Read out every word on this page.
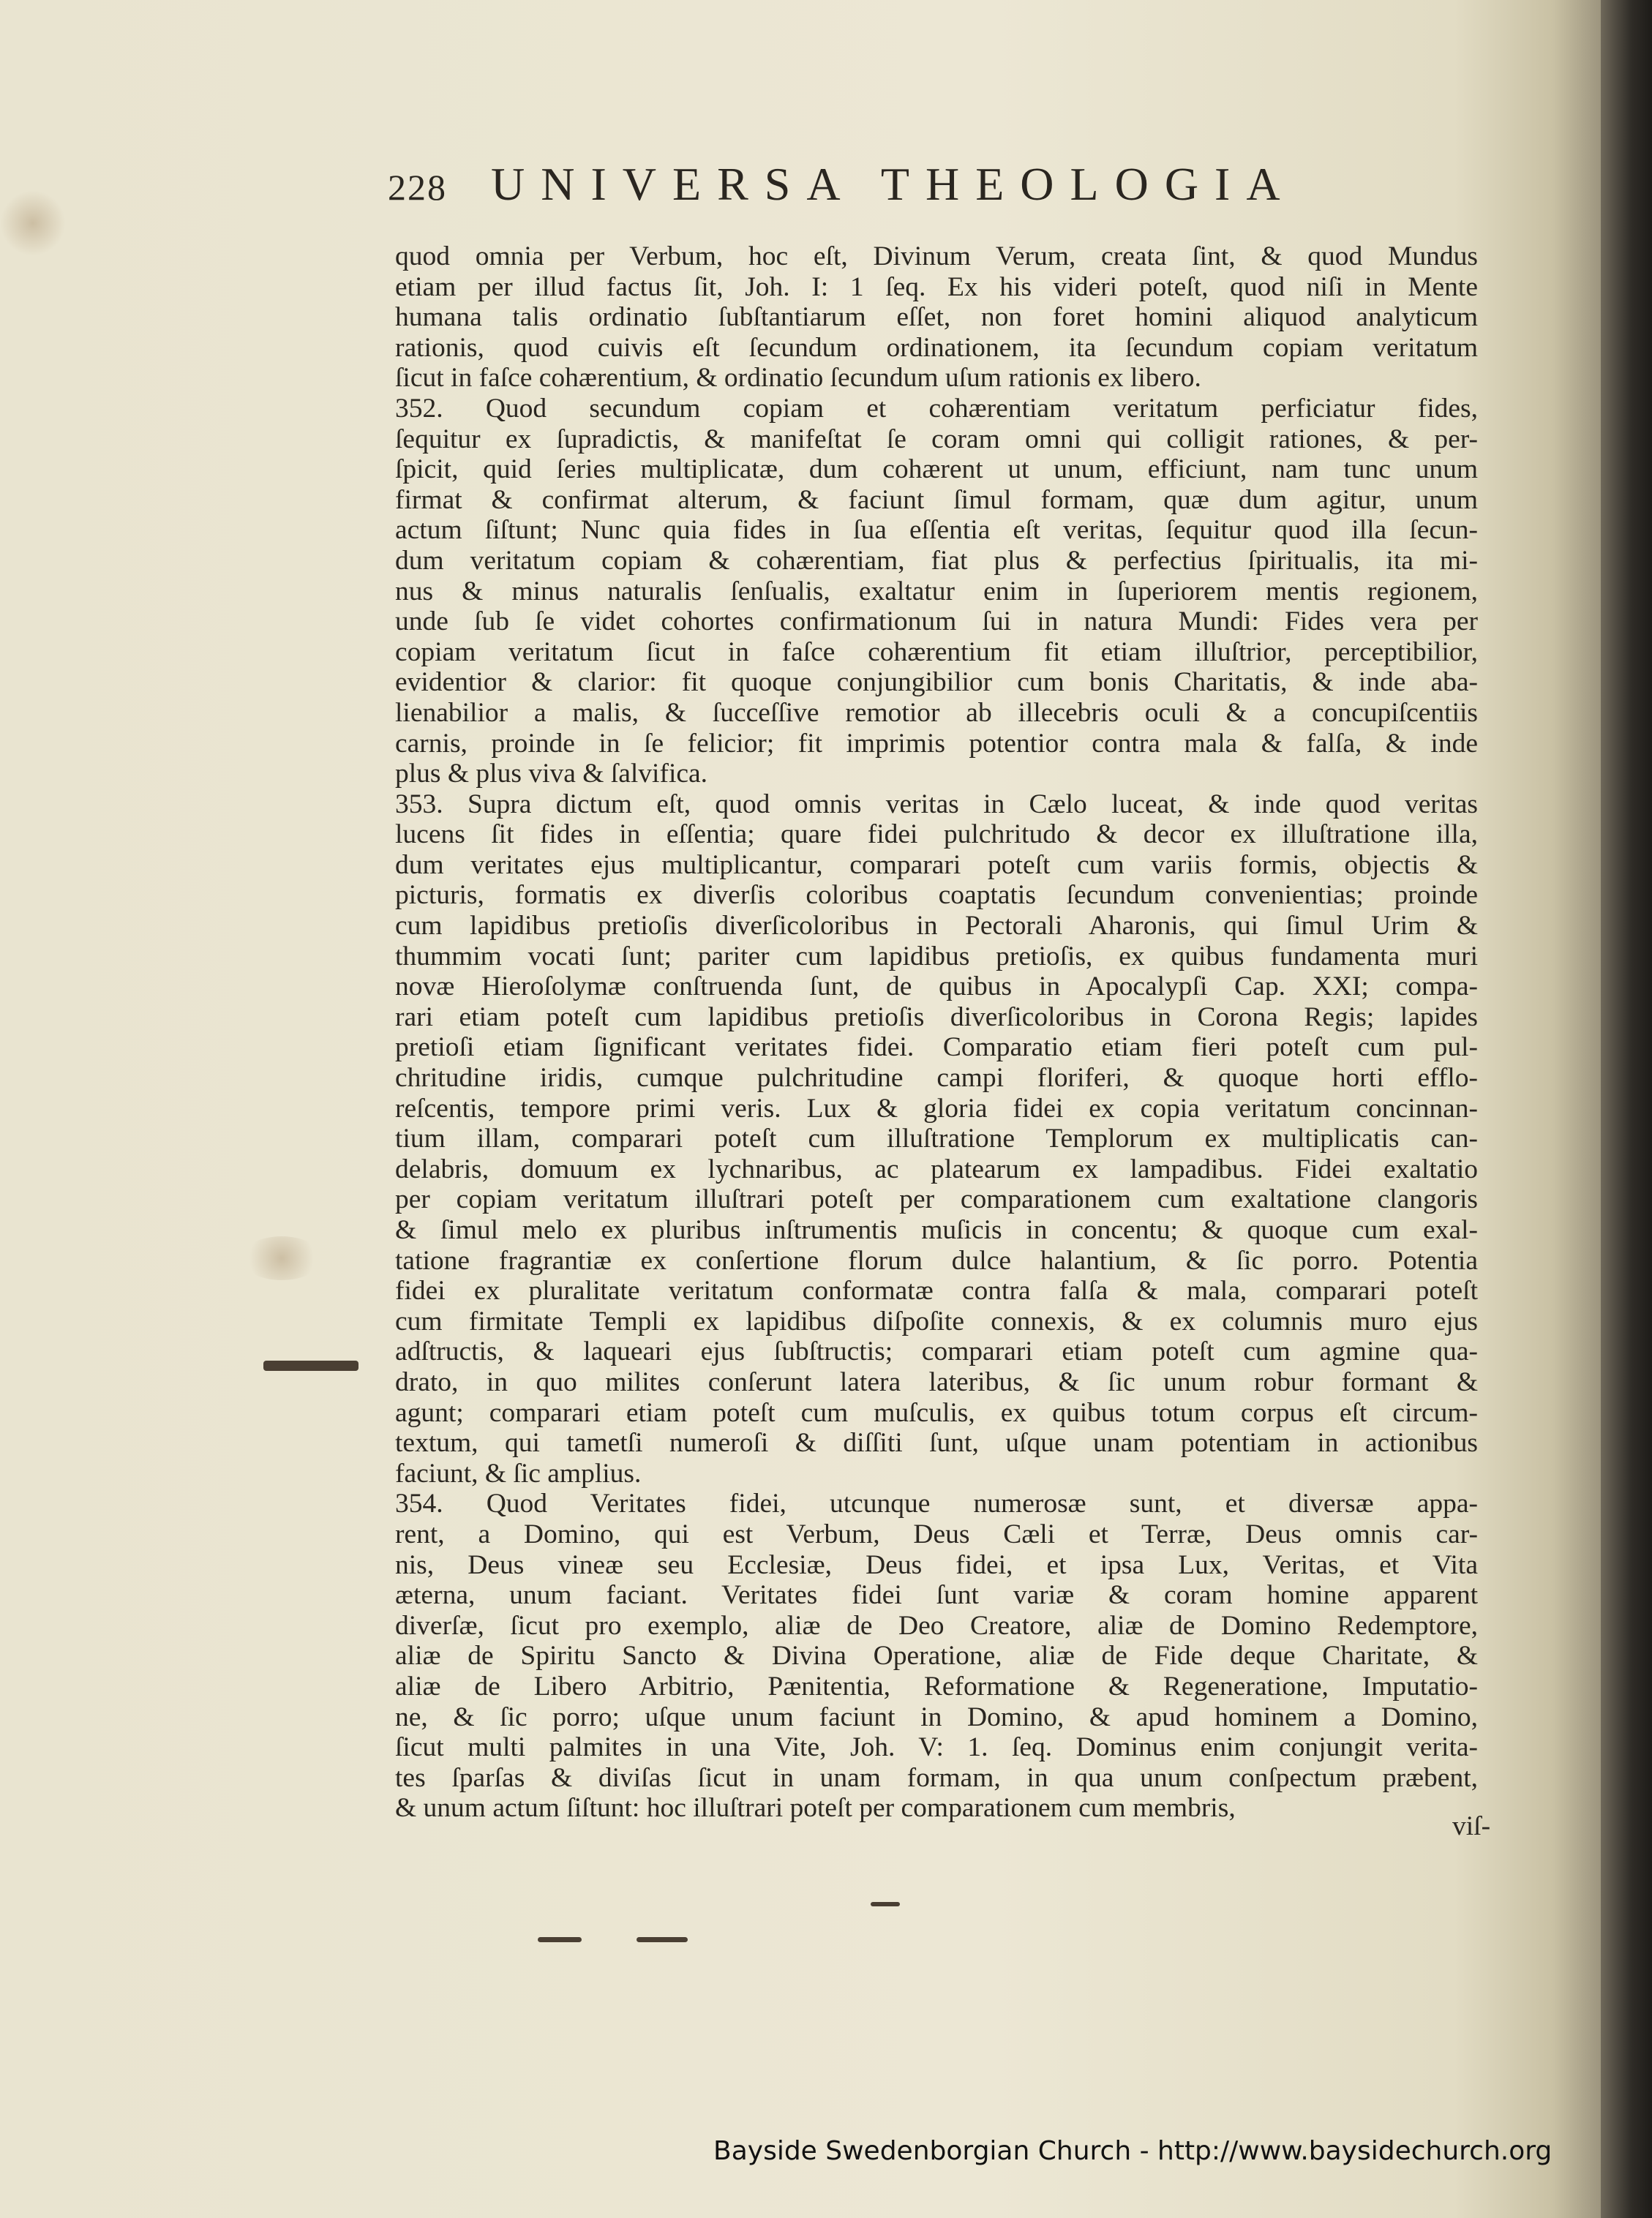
228 UNIVERSA THEOLOGIA
quod omnia per Verbum, hoc eſt, Divinum Verum, creata ſint, & quod Mundus
etiam per illud factus ſit, Joh. I: 1 ſeq. Ex his videri poteſt, quod niſi in Mente
humana talis ordinatio ſubſtantiarum eſſet, non foret homini aliquod analyticum
rationis, quod cuivis eſt ſecundum ordinationem, ita ſecundum copiam veritatum
ſicut in faſce cohærentium, & ordinatio ſecundum uſum rationis ex libero.
352. Quod secundum copiam et cohærentiam veritatum perficiatur fides,
ſequitur ex ſupradictis, & manifeſtat ſe coram omni qui colligit rationes, & per-
ſpicit, quid ſeries multiplicatæ, dum cohærent ut unum, efficiunt, nam tunc unum
firmat & confirmat alterum, & faciunt ſimul formam, quæ dum agitur, unum
actum ſiſtunt; Nunc quia fides in ſua eſſentia eſt veritas, ſequitur quod illa ſecun-
dum veritatum copiam & cohærentiam, fiat plus & perfectius ſpiritualis, ita mi-
nus & minus naturalis ſenſualis, exaltatur enim in ſuperiorem mentis regionem,
unde ſub ſe videt cohortes confirmationum ſui in natura Mundi: Fides vera per
copiam veritatum ſicut in faſce cohærentium fit etiam illuſtrior, perceptibilior,
evidentior & clarior: fit quoque conjungibilior cum bonis Charitatis, & inde aba-
lienabilior a malis, & ſucceſſive remotior ab illecebris oculi & a concupiſcentiis
carnis, proinde in ſe felicior; fit imprimis potentior contra mala & falſa, & inde
plus & plus viva & ſalvifica.
353. Supra dictum eſt, quod omnis veritas in Cælo luceat, & inde quod veritas
lucens ſit fides in eſſentia; quare fidei pulchritudo & decor ex illuſtratione illa,
dum veritates ejus multiplicantur, comparari poteſt cum variis formis, objectis &
picturis, formatis ex diverſis coloribus coaptatis ſecundum convenientias; proinde
cum lapidibus pretioſis diverſicoloribus in Pectorali Aharonis, qui ſimul Urim &
thummim vocati ſunt; pariter cum lapidibus pretioſis, ex quibus fundamenta muri
novæ Hieroſolymæ conſtruenda ſunt, de quibus in Apocalypſi Cap. XXI; compa-
rari etiam poteſt cum lapidibus pretioſis diverſicoloribus in Corona Regis; lapides
pretioſi etiam ſignificant veritates fidei. Comparatio etiam fieri poteſt cum pul-
chritudine iridis, cumque pulchritudine campi floriferi, & quoque horti efflo-
reſcentis, tempore primi veris. Lux & gloria fidei ex copia veritatum concinnan-
tium illam, comparari poteſt cum illuſtratione Templorum ex multiplicatis can-
delabris, domuum ex lychnaribus, ac platearum ex lampadibus. Fidei exaltatio
per copiam veritatum illuſtrari poteſt per comparationem cum exaltatione clangoris
& ſimul melo ex pluribus inſtrumentis muſicis in concentu; & quoque cum exal-
tatione fragrantiæ ex conſertione florum dulce halantium, & ſic porro. Potentia
fidei ex pluralitate veritatum conformatæ contra falſa & mala, comparari poteſt
cum firmitate Templi ex lapidibus diſpoſite connexis, & ex columnis muro ejus
adſtructis, & laqueari ejus ſubſtructis; comparari etiam poteſt cum agmine qua-
drato, in quo milites conſerunt latera lateribus, & ſic unum robur formant &
agunt; comparari etiam poteſt cum muſculis, ex quibus totum corpus eſt circum-
textum, qui tametſi numeroſi & diſſiti ſunt, uſque unam potentiam in actionibus
faciunt, & ſic amplius.
354. Quod Veritates fidei, utcunque numerosæ sunt, et diversæ appa-
rent, a Domino, qui est Verbum, Deus Cæli et Terræ, Deus omnis car-
nis, Deus vineæ seu Ecclesiæ, Deus fidei, et ipsa Lux, Veritas, et Vita
æterna, unum faciant. Veritates fidei ſunt variæ & coram homine apparent
diverſæ, ſicut pro exemplo, aliæ de Deo Creatore, aliæ de Domino Redemptore,
aliæ de Spiritu Sancto & Divina Operatione, aliæ de Fide deque Charitate, &
aliæ de Libero Arbitrio, Pænitentia, Reformatione & Regeneratione, Imputatio-
ne, & ſic porro; uſque unum faciunt in Domino, & apud hominem a Domino,
ſicut multi palmites in una Vite, Joh. V: 1. ſeq. Dominus enim conjungit verita-
tes ſparſas & diviſas ſicut in unam formam, in qua unum conſpectum præbent,
& unum actum ſiſtunt: hoc illuſtrari poteſt per comparationem cum membris,
viſ-
Bayside Swedenborgian Church - http://www.baysidechurch.org
